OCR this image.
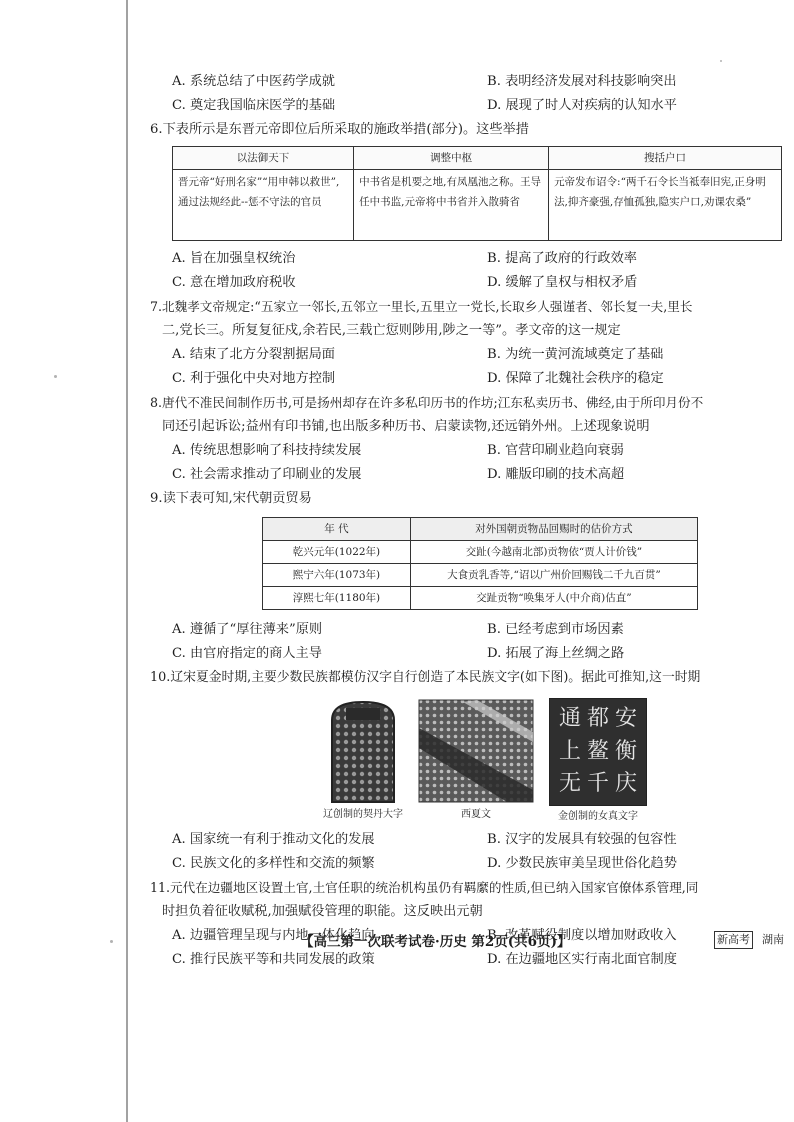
A. 系统总结了中医药学成就	B. 表明经济发展对科技影响突出
C. 奠定我国临床医学的基础	D. 展现了时人对疾病的认知水平
6.下表所示是东晋元帝即位后所采取的施政举措(部分)。这些举措
以法御天下	调整中枢	搜括户口
晋元帝“好刑名家”“用申韩以救世”,通过法规经此--惩不守法的官员	中书省是机要之地,有凤凰池之称。王导任中书监,元帝将中书省并入散骑省	元帝发布诏令:“两千石令长当祗奉旧宪,正身明法,抑齐豪强,存恤孤独,隐实户口,劝课农桑”
A. 旨在加强皇权统治	B. 提高了政府的行政效率
C. 意在增加政府税收	D. 缓解了皇权与相权矛盾
7.北魏孝文帝规定:“五家立一邻长,五邻立一里长,五里立一党长,长取乡人强谨者、邻长复一夫,里长
二,党长三。所复复征戍,余若民,三载亡愆则陟用,陟之一等”。孝文帝的这一规定
A. 结束了北方分裂割据局面	B. 为统一黄河流域奠定了基础
C. 利于强化中央对地方控制	D. 保障了北魏社会秩序的稳定
8.唐代不准民间制作历书,可是扬州却存在许多私印历书的作坊;江东私卖历书、佛经,由于所印月份不
同还引起诉讼;益州有印书铺,也出版多种历书、启蒙读物,还远销外州。上述现象说明
A. 传统思想影响了科技持续发展	B. 官营印刷业趋向衰弱
C. 社会需求推动了印刷业的发展	D. 雕版印刷的技术高超
9.读下表可知,宋代朝贡贸易
年 代	对外国朝贡物品回赐时的估价方式
乾兴元年(1022年)	交趾(今越南北部)贡物依“贾人计价钱”
熙宁六年(1073年)	大食贡乳香等,“诏以广州价回赐钱二千九百贯”
淳熙七年(1180年)	交趾贡物“唤集牙人(中介商)估直”
A. 遵循了“厚往薄来”原则	B. 已经考虑到市场因素
C. 由官府指定的商人主导	D. 拓展了海上丝绸之路
10.辽宋夏金时期,主要少数民族都模仿汉字自行创造了本民族文字(如下图)。据此可推知,这一时期
辽创制的契丹大字	西夏文
通 都 安
上 鳌 衡
无 千 庆
金创制的女真文字
A. 国家统一有利于推动文化的发展	B. 汉字的发展具有较强的包容性
C. 民族文化的多样性和交流的频繁	D. 少数民族审美呈现世俗化趋势
11.元代在边疆地区设置土官,土官任职的统治机构虽仍有羁縻的性质,但已纳入国家官僚体系管理,同
时担负着征收赋税,加强赋役管理的职能。这反映出元朝
A. 边疆管理呈现与内地一体化趋向	B. 改革赋役制度以增加财政收入
C. 推行民族平等和共同发展的政策	D. 在边疆地区实行南北面官制度
【高三第一次联考试卷·历史 第2页(共6页)】	新高考 湖南
